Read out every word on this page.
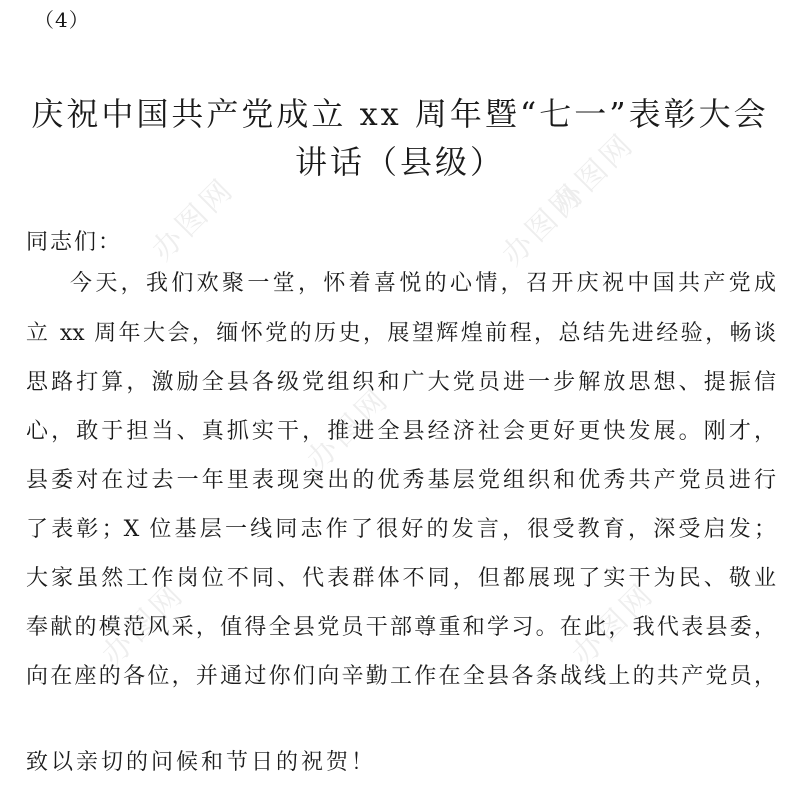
办图网	办图网
办图网
办图网
办图网	办图网
（4）
庆祝中国共产党成立 xx 周年暨“七一”表彰大会
讲话（县级）
同志们：
今天，我们欢聚一堂，怀着喜悦的心情，召开庆祝中国共产党成
立 xx 周年大会，缅怀党的历史，展望辉煌前程，总结先进经验，畅谈
思路打算，激励全县各级党组织和广大党员进一步解放思想、提振信
心，敢于担当、真抓实干，推进全县经济社会更好更快发展。刚才，
县委对在过去一年里表现突出的优秀基层党组织和优秀共产党员进行
了表彰；X 位基层一线同志作了很好的发言，很受教育，深受启发；
大家虽然工作岗位不同、代表群体不同，但都展现了实干为民、敬业
奉献的模范风采，值得全县党员干部尊重和学习。在此，我代表县委，
向在座的各位，并通过你们向辛勤工作在全县各条战线上的共产党员，
致以亲切的问候和节日的祝贺！
